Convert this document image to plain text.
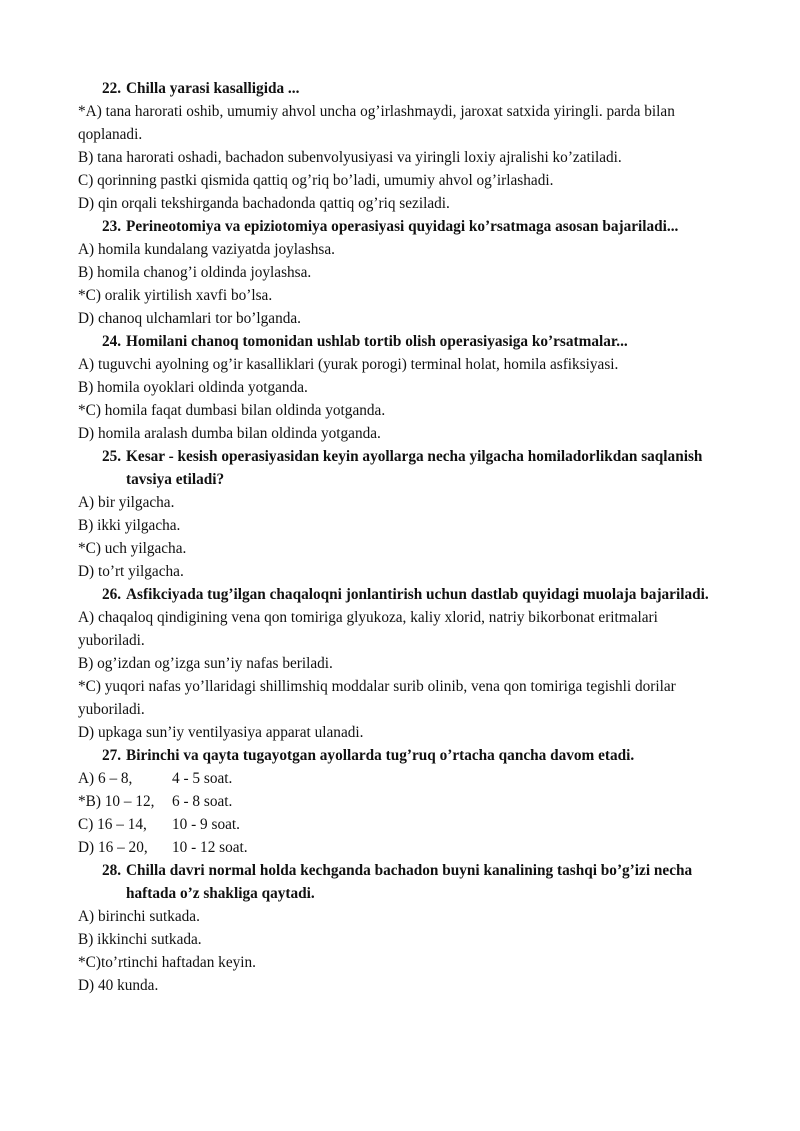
22. Chilla yarasi kasalligida ...

*A) tana harorati oshib, umumiy ahvol uncha og’irlashmaydi, jaroxat satxida yiringli. parda bilan qoplanadi.

B) tana harorati oshadi, bachadon subenvolyusiyasi va yiringli loxiy ajralishi ko’zatiladi.

C) qorinning pastki qismida qattiq og’riq bo’ladi, umumiy ahvol og’irlashadi.

D) qin orqali tekshirganda bachadonda qattiq og’riq seziladi.

23. Perineotomiya va epiziotomiya operasiyasi quyidagi ko’rsatmaga asosan bajariladi...

A) homila kundalang vaziyatda joylashsa.

B) homila chanog’i oldinda joylashsa.

*C) oralik yirtilish xavfi bo’lsa.

D) chanoq ulchamlari tor bo’lganda.

24. Homilani chanoq tomonidan ushlab tortib olish operasiyasiga ko’rsatmalar...

A) tuguvchi ayolning og’ir kasalliklari (yurak porogi) terminal holat, homila asfiksiyasi.

B) homila oyoklari oldinda yotganda.

*C) homila faqat dumbasi bilan oldinda yotganda.

D) homila aralash dumba bilan oldinda yotganda.

25. Kesar - kesish operasiyasidan keyin ayollarga necha yilgacha homiladorlikdan saqlanish tavsiya etiladi?

A) bir yilgacha.

B) ikki yilgacha.

*C) uch yilgacha.

D) to’rt yilgacha.

26. Asfikciyada tug’ilgan chaqaloqni jonlantirish uchun dastlab quyidagi muolaja bajariladi.

A) chaqaloq qindigining vena qon tomiriga glyukoza, kaliy xlorid, natriy bikorbonat eritmalari yuboriladi.

B) og’izdan og’izga sun’iy nafas beriladi.

*C) yuqori nafas yo’llaridagi shillimshiq moddalar surib olinib, vena qon tomiriga tegishli dorilar yuboriladi.

D) upkaga sun’iy ventilyasiya apparat ulanadi.

27. Birinchi va qayta tugayotgan ayollarda tug’ruq o’rtacha qancha davom etadi.

A) 6 – 8,	4 - 5 soat.

*B) 10 – 12, 6 - 8 soat.

C) 16 – 14, 10 - 9 soat.

D) 16 – 20, 10 - 12 soat.

28. Chilla davri normal holda kechganda bachadon buyni kanalining tashqi bo’g’izi necha haftada o’z shakliga qaytadi.

A) birinchi sutkada.

B) ikkinchi sutkada.

*C)to’rtinchi haftadan keyin.

D) 40 kunda.
